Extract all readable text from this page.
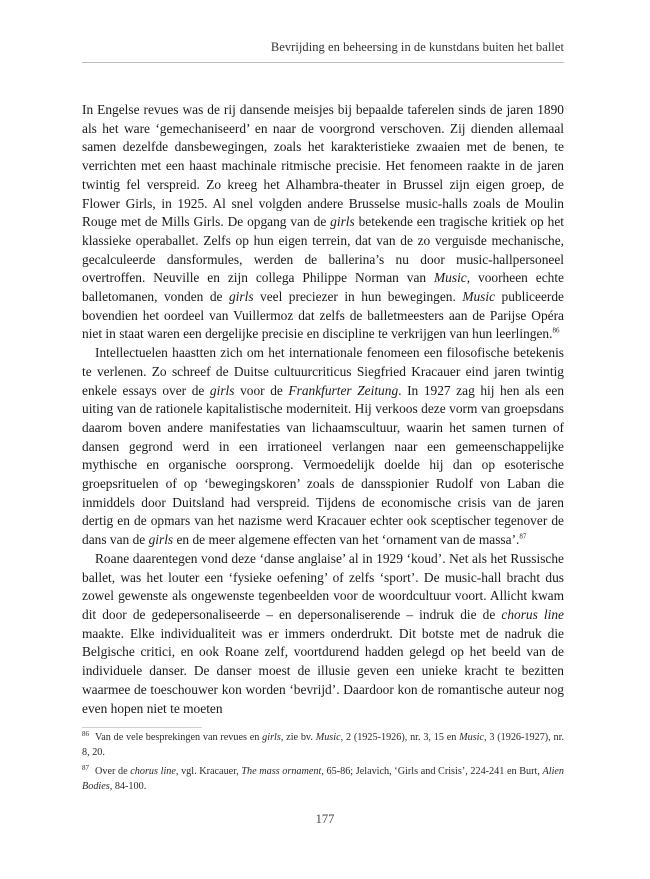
Bevrijding en beheersing in de kunstdans buiten het ballet

In Engelse revues was de rij dansende meisjes bij bepaalde taferelen sinds de jaren 1890 als het ware ‘gemechaniseerd’ en naar de voorgrond verschoven. Zij dienden allemaal samen dezelfde dansbewegingen, zoals het karakteristieke zwaaien met de benen, te verrichten met een haast machinale ritmische precisie. Het fenomeen raakte in de jaren twintig fel verspreid. Zo kreeg het Alhambra-theater in Brussel zijn eigen groep, de Flower Girls, in 1925. Al snel volgden andere Brusselse music-halls zoals de Moulin Rouge met de Mills Girls. De opgang van de girls betekende een tragische kritiek op het klassieke operaballet. Zelfs op hun eigen terrein, dat van de zo verguisde mechanische, gecalculeerde dansformules, werden de ballerina’s nu door music-hallpersoneel overtroffen. Neuville en zijn collega Philippe Norman van Music, voorheen echte balletomanen, vonden de girls veel preciezer in hun bewegingen. Music publiceerde bovendien het oordeel van Vuillermoz dat zelfs de balletmeesters aan de Parijse Opéra niet in staat waren een dergelijke precisie en discipline te verkrijgen van hun leerlingen.$^{86}$

Intellectuelen haastten zich om het internationale fenomeen een filosofische betekenis te verlenen. Zo schreef de Duitse cultuurcriticus Siegfried Kracauer eind jaren twintig enkele essays over de girls voor de Frankfurter Zeitung. In 1927 zag hij hen als een uiting van de rationele kapitalistische moderniteit. Hij verkoos deze vorm van groepsdans daarom boven andere manifestaties van lichaamscultuur, waarin het samen turnen of dansen gegrond werd in een irrationeel verlangen naar een gemeenschappelijke mythische en organische oorsprong. Vermoedelijk doelde hij dan op esoterische groepsrituelen of op ‘bewegingskoren’ zoals de dansspionier Rudolf von Laban die inmiddels door Duitsland had verspreid. Tijdens de economische crisis van de jaren dertig en de opmars van het nazisme werd Kracauer echter ook sceptischer tegenover de dans van de girls en de meer algemene effecten van het ‘ornament van de massa’.$^{87}$

Roane daarentegen vond deze ‘danse anglaise’ al in 1929 ‘koud’. Net als het Russische ballet, was het louter een ‘fysieke oefening’ of zelfs ‘sport’. De music-hall bracht dus zowel gewenste als ongewenste tegenbeelden voor de woordcultuur voort. Allicht kwam dit door de gedepersonaliseerde – en depersonaliserende – indruk die de chorus line maakte. Elke individualiteit was er immers onderdrukt. Dit botste met de nadruk die Belgische critici, en ook Roane zelf, voortdurend hadden gelegd op het beeld van de individuele danser. De danser moest de illusie geven een unieke kracht te bezitten waarmee de toeschouwer kon worden ‘bevrijd’. Daardoor kon de romantische auteur nog even hopen niet te moeten

$^{86}$ Van de vele besprekingen van revues en girls, zie bv. Music, 2 (1925-1926), nr. 3, 15 en Music, 3 (1926-1927), nr. 8, 20.

$^{87}$ Over de chorus line, vgl. Kracauer, The mass ornament, 65-86; Jelavich, ‘Girls and Crisis’, 224-241 en Burt, Alien Bodies, 84-100.

177
